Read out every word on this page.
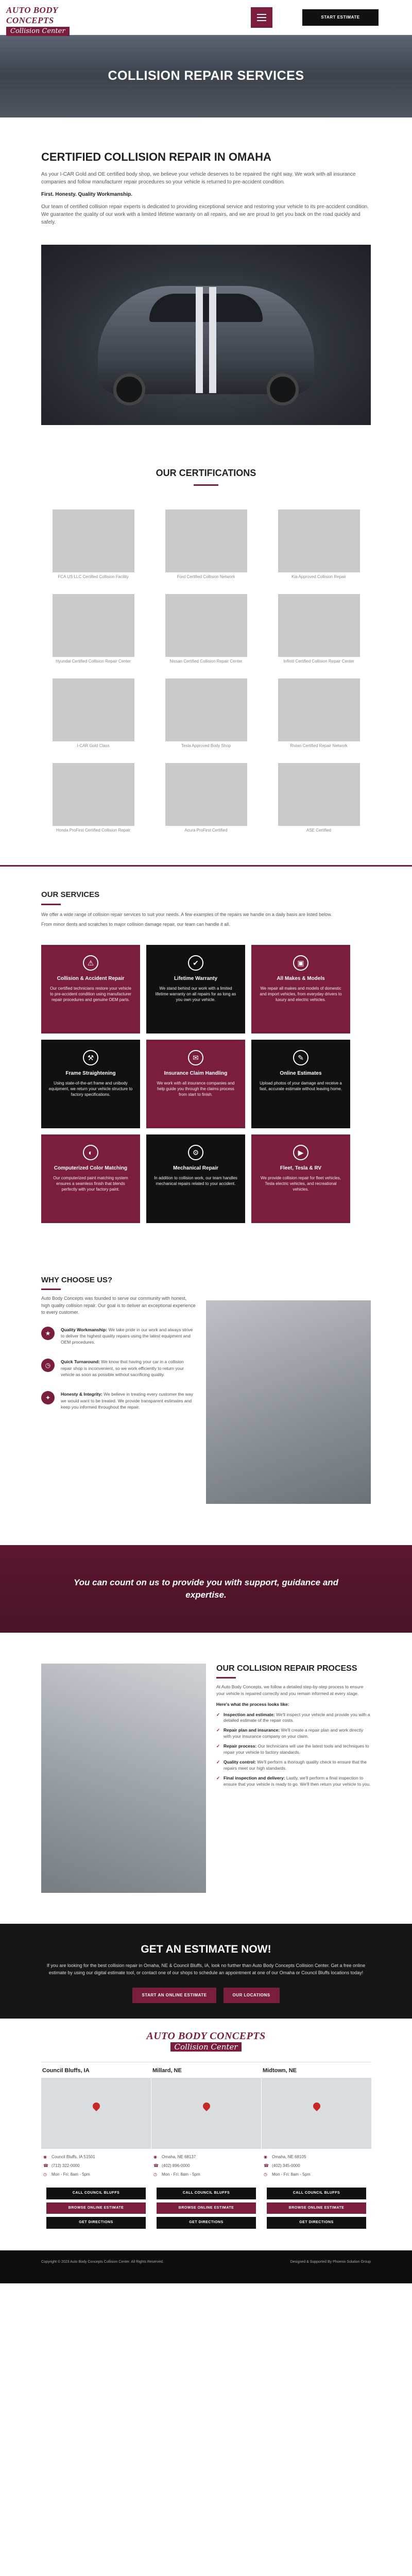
AUTO BODY CONCEPTS
Collision Center
START ESTIMATE
COLLISION REPAIR SERVICES
CERTIFIED COLLISION REPAIR IN OMAHA

As your I-CAR Gold and OE certified body shop, we believe your vehicle deserves to be repaired the right way. We work with all insurance companies and follow manufacturer repair procedures so your vehicle is returned to pre-accident condition.

First. Honesty. Quality Workmanship.

Our team of certified collision repair experts is dedicated to providing exceptional service and restoring your vehicle to its pre-accident condition. We guarantee the quality of our work with a limited lifetime warranty on all repairs, and we are proud to get you back on the road quickly and safely.

OUR CERTIFICATIONS
FCA US LLC Certified Collision Facility	Ford Certified Collision Network	Kia Approved Collision Repair
Hyundai Certified Collision Repair Center	Nissan Certified Collision Repair Center	Infiniti Certified Collision Repair Center
I-CAR Gold Class	Tesla Approved Body Shop	Rivian Certified Repair Network
Honda ProFirst Certified Collision Repair	Acura ProFirst Certified	ASE Certified
OUR SERVICES

We offer a wide range of collision repair services to suit your needs. A few examples of the repairs we handle on a daily basis are listed below.

From minor dents and scratches to major collision damage repair, our team can handle it all.

⚠
Collision & Accident Repair
Our certified technicians restore your vehicle to pre-accident condition using manufacturer repair procedures and genuine OEM parts.
✔
Lifetime Warranty
We stand behind our work with a limited lifetime warranty on all repairs for as long as you own your vehicle.
▣
All Makes & Models
We repair all makes and models of domestic and import vehicles, from everyday drivers to luxury and electric vehicles.
⚒
Frame Straightening
Using state-of-the-art frame and unibody equipment, we return your vehicle structure to factory specifications.
✉
Insurance Claim Handling
We work with all insurance companies and help guide you through the claims process from start to finish.
✎
Online Estimates
Upload photos of your damage and receive a fast, accurate estimate without leaving home.
◐
Computerized Color Matching
Our computerized paint matching system ensures a seamless finish that blends perfectly with your factory paint.
⚙
Mechanical Repair
In addition to collision work, our team handles mechanical repairs related to your accident.
▶
Fleet, Tesla & RV
We provide collision repair for fleet vehicles, Tesla electric vehicles, and recreational vehicles.
WHY CHOOSE US?

Auto Body Concepts was founded to serve our community with honest, high quality collision repair. Our goal is to deliver an exceptional experience to every customer.

★	Quality Workmanship: We take pride in our work and always strive to deliver the highest quality repairs using the latest equipment and OEM procedures.
◷	Quick Turnaround: We know that having your car in a collision repair shop is inconvenient, so we work efficiently to return your vehicle as soon as possible without sacrificing quality.
✦	Honesty & Integrity: We believe in treating every customer the way we would want to be treated. We provide transparent estimates and keep you informed throughout the repair.

You can count on us to provide you with support, guidance and expertise.

OUR COLLISION REPAIR PROCESS

At Auto Body Concepts, we follow a detailed step-by-step process to ensure your vehicle is repaired correctly and you remain informed at every stage.

Here's what the process looks like:

✓ Inspection and estimate: We'll inspect your vehicle and provide you with a detailed estimate of the repair costs.
✓ Repair plan and insurance: We'll create a repair plan and work directly with your insurance company on your claim.
✓ Repair process: Our technicians will use the latest tools and techniques to repair your vehicle to factory standards.
✓ Quality control: We'll perform a thorough quality check to ensure that the repairs meet our high standards.
✓ Final inspection and delivery: Lastly, we'll perform a final inspection to ensure that your vehicle is ready to go. We'll then return your vehicle to you.
GET AN ESTIMATE NOW!

If you are looking for the best collision repair in Omaha, NE & Council Bluffs, IA, look no further than Auto Body Concepts Collision Center. Get a free online estimate by using our digital estimate tool, or contact one of our shops to schedule an appointment at one of our Omaha or Council Bluffs locations today!

START AN ONLINE ESTIMATE	OUR LOCATIONS
AUTO BODY CONCEPTS
Collision Center
Council Bluffs, IA
◉	Council Bluffs, IA 51501
☎ (712) 322-0000
◷	Mon - Fri: 8am - 5pm
CALL COUNCIL BLUFFS
BROWSE ONLINE ESTIMATE
GET DIRECTIONS
Millard, NE
◉	Omaha, NE 68137
☎ (402) 896-0000
◷	Mon - Fri: 8am - 5pm
CALL COUNCIL BLUFFS
BROWSE ONLINE ESTIMATE
GET DIRECTIONS
Midtown, NE
◉	Omaha, NE 68105
☎ (402) 345-0000
◷	Mon - Fri: 8am - 5pm
CALL COUNCIL BLUFFS
BROWSE ONLINE ESTIMATE
GET DIRECTIONS
Copyright © 2023 Auto Body Concepts Collision Center. All Rights Reserved.	Designed & Supported By Phoenix Solution Group
